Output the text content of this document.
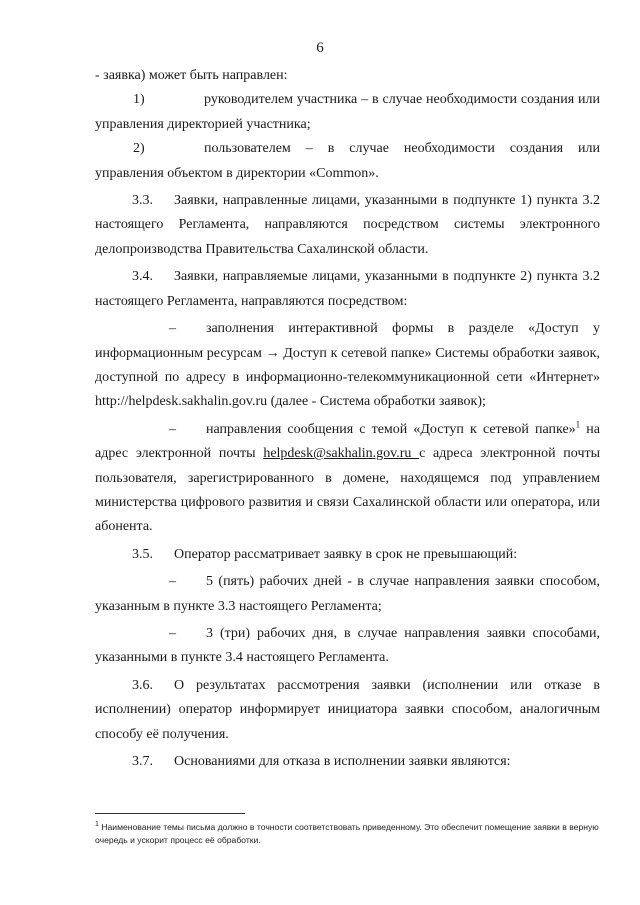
6

- заявка) может быть направлен:

1)	руководителем участника – в случае необходимости создания или управления директорией участника;

2)	пользователем – в случае необходимости создания или управления объектом в директории «Common».

3.3. Заявки, направленные лицами, указанными в подпункте 1) пункта 3.2 настоящего Регламента, направляются посредством системы электронного делопроизводства Правительства Сахалинской области.

3.4. Заявки, направляемые лицами, указанными в подпункте 2) пункта 3.2 настоящего Регламента, направляются посредством:

– заполнения интерактивной формы в разделе «Доступ у информационным ресурсам → Доступ к сетевой папке» Системы обработки заявок, доступной по адресу в информационно-телекоммуникационной сети «Интернет» http://helpdesk.sakhalin.gov.ru (далее - Система обработки заявок);

– направления сообщения с темой «Доступ к сетевой папке»$^1$ на адрес электронной почты helpdesk@sakhalin.gov.ru с адреса электронной почты пользователя, зарегистрированного в домене, находящемся под управлением министерства цифрового развития и связи Сахалинской области или оператора, или абонента.

3.5. Оператор рассматривает заявку в срок не превышающий:

– 5 (пять) рабочих дней - в случае направления заявки способом, указанным в пункте 3.3 настоящего Регламента;

– 3 (три) рабочих дня, в случае направления заявки способами, указанными в пункте 3.4 настоящего Регламента.

3.6. О результатах рассмотрения заявки (исполнении или отказе в исполнении) оператор информирует инициатора заявки способом, аналогичным способу её получения.

3.7. Основаниями для отказа в исполнении заявки являются:

$^1$ Наименование темы письма должно в точности соответствовать приведенному. Это обеспечит помещение заявки в верную очередь и ускорит процесс её обработки.
